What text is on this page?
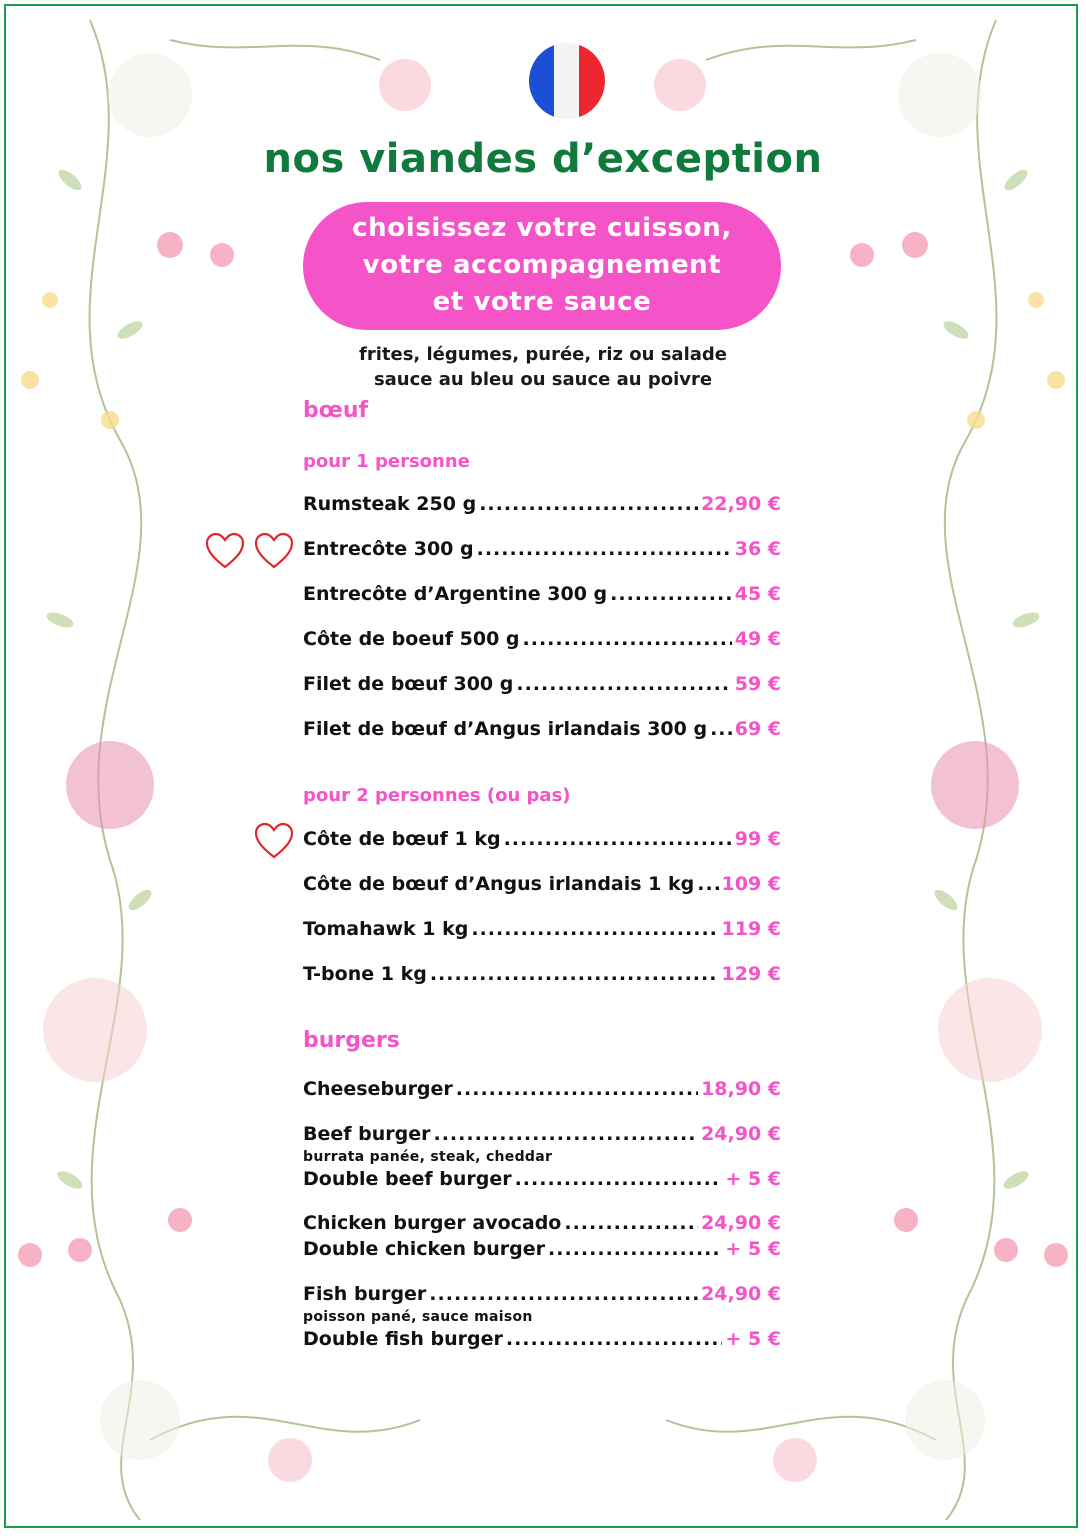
nos viandes d’exception
choisissez votre cuisson,
votre accompagnement
et votre sauce
frites, légumes, purée, riz ou salade
sauce au bleu ou sauce au poivre
bœuf
pour 1 personne
Rumsteak 250 g .....	22,90 €
Entrecôte 300 g .....	36 €
Entrecôte d’Argentine 300 g .....	45 €
Côte de boeuf 500 g .....	49 €
Filet de bœuf 300 g .....	59 €
Filet de bœuf d’Angus irlandais 300 g ..... 69 €
pour 2 personnes (ou pas)
Côte de bœuf 1 kg .....	99 €
Côte de bœuf d’Angus irlandais 1 kg ..... 109 €
Tomahawk 1 kg .....	119 €
T-bone 1 kg .....	129 €
burgers
Cheeseburger .....	18,90 €
Beef burger .....	24,90 €
burrata panée, steak, cheddar
Double beef burger .....	+ 5 €
Chicken burger avocado .....	24,90 €
Double chicken burger .....	+ 5 €
Fish burger .....	24,90 €
poisson pané, sauce maison
Double fish burger .....	+ 5 €
